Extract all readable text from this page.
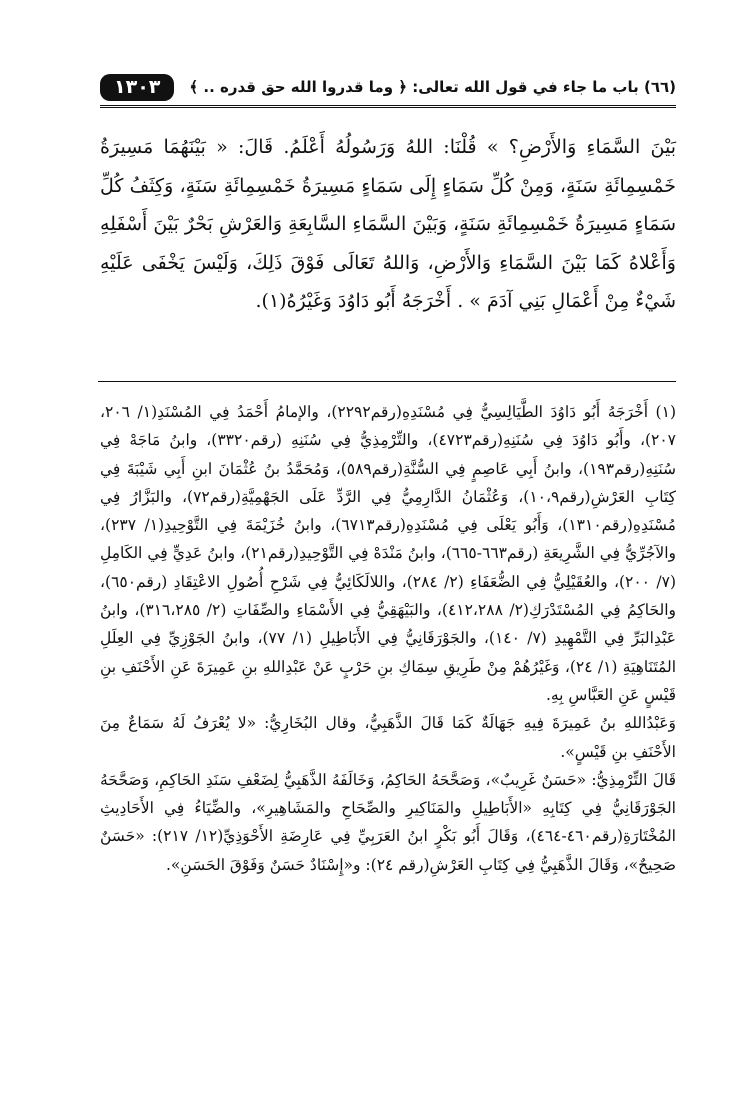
(٦٦) باب ما جاء في قول الله تعالى: ﴿ وما قدروا الله حق قدره .. ﴾
١٣٠٣

بَيْنَ السَّمَاءِ وَالأَرْضِ؟ » قُلْنَا: اللهُ وَرَسُولُهُ أَعْلَمُ. قَالَ: « بَيْنَهُمَا مَسِيرَةُ خَمْسِمِائَةِ سَنَةٍ، وَمِنْ كُلِّ سَمَاءٍ إِلَى سَمَاءٍ مَسِيرَةُ خَمْسِمِائَةِ سَنَةٍ، وَكِثَفُ كُلِّ سَمَاءٍ مَسِيرَةُ خَمْسِمِائَةِ سَنَةٍ، وَبَيْنَ السَّمَاءِ السَّابِعَةِ وَالعَرْشِ بَحْرٌ بَيْنَ أَسْفَلِهِ وَأَعْلاهُ كَمَا بَيْنَ السَّمَاءِ وَالأَرْضِ، وَاللهُ تَعَالَى فَوْقَ ذَلِكَ، وَلَيْسَ يَخْفَى عَلَيْهِ شَيْءٌ مِنْ أَعْمَالِ بَنِي آدَمَ » . أَخْرَجَهُ أَبُو دَاوُدَ وَغَيْرُهُ(١).

(١) أَخْرَجَهُ أَبُو دَاوُدَ الطَّيَالِسِيُّ فِي مُسْنَدِهِ(رقم٢٢٩٢)، والإمامُ أَحْمَدُ فِي المُسْنَدِ(١/ ٢٠٦، ٢٠٧)، وأَبُو دَاوُدَ فِي سُنَنِهِ(رقم٤٧٢٣)، والتِّرْمِذِيُّ فِي سُنَنِهِ (رقم٣٣٢٠)، وابنُ مَاجَهْ فِي سُنَنِهِ(رقم١٩٣)، وابنُ أَبِي عَاصِمٍ فِي السُّنَّةِ(رقم٥٨٩)، وَمُحَمَّدُ بنُ عُثْمَانَ ابنِ أَبِي شَيْبَةَ فِي كِتَابِ العَرْشِ(رقم١٠،٩)، وَعُثْمَانُ الدَّارِمِيُّ فِي الرَّدِّ عَلَى الجَهْمِيَّةِ(رقم٧٢)، والبَزَّارُ فِي مُسْنَدِهِ(رقم١٣١٠)، وَأَبُو يَعْلَى فِي مُسْنَدِهِ(رقم٦٧١٣)، وابنُ خُزَيْمَةَ فِي التَّوْحِيدِ(١/ ٢٣٧)، والآجُرِّيُّ فِي الشَّرِيعَةِ (رقم٦٦٣-٦٦٥)، وابنُ مَنْدَهْ فِي التَّوْحِيدِ(رقم٢١)، وابنُ عَدِيٍّ فِي الكَامِلِ (٧/ ٢٠٠)، والعُقَيْلِيُّ فِي الضُّعَفَاءِ (٢/ ٢٨٤)، واللالَكَائِيُّ فِي شَرْحِ أُصُولِ الاعْتِقَادِ (رقم٦٥٠)، والحَاكِمُ فِي المُسْتَدْرَكِ(٢/ ٤١٢،٢٨٨)، والبَيْهَقِيُّ فِي الأَسْمَاءِ والصِّفَاتِ (٢/ ٣١٦،٢٨٥)، وابنُ عَبْدِالبَرِّ فِي التَّمْهِيدِ (٧/ ١٤٠)، والجَوْرَقَانِيُّ فِي الأَبَاطِيلِ (١/ ٧٧)، وابنُ الجَوْزِيِّ فِي العِلَلِ المُتَنَاهِيَةِ (١/ ٢٤)، وَغَيْرُهُمْ مِنْ طَرِيقِ سِمَاكِ بنِ حَرْبٍ عَنْ عَبْدِاللهِ بنِ عَمِيرَةَ عَنِ الأَحْنَفِ بنِ قَيْسٍ عَنِ العَبَّاسِ بِهِ.

وَعَبْدُاللهِ بنُ عَمِيرَةَ فِيهِ جَهَالَةٌ كَمَا قَالَ الذَّهَبِيُّ، وقال البُخَارِيُّ: «لا يُعْرَفُ لَهُ سَمَاعٌ مِنَ الأَحْنَفِ بنِ قَيْسٍ».

قَالَ التِّرْمِذِيُّ: «حَسَنٌ غَرِيبٌ»، وَصَحَّحَهُ الحَاكِمُ، وَخَالَفَهُ الذَّهَبِيُّ لِضَعْفِ سَنَدِ الحَاكِمِ، وَصَحَّحَهُ الجَوْرَقَانِيُّ فِي كِتَابِهِ «الأَبَاطِيلِ والمَنَاكِيرِ والصِّحَاحِ والمَشَاهِيرِ»، والضِّيَاءُ فِي الأَحَادِيثِ المُخْتَارَةِ(رقم٤٦٠-٤٦٤)، وَقَالَ أَبُو بَكْرٍ ابنُ العَرَبِيِّ فِي عَارِضَةِ الأَحْوَذِيِّ(١٢/ ٢١٧): «حَسَنٌ صَحِيحٌ»، وَقَالَ الذَّهَبِيُّ فِي كِتَابِ العَرْشِ(رقم ٢٤): و«إِسْنَادٌ حَسَنٌ وَفَوْقَ الحَسَنِ».
